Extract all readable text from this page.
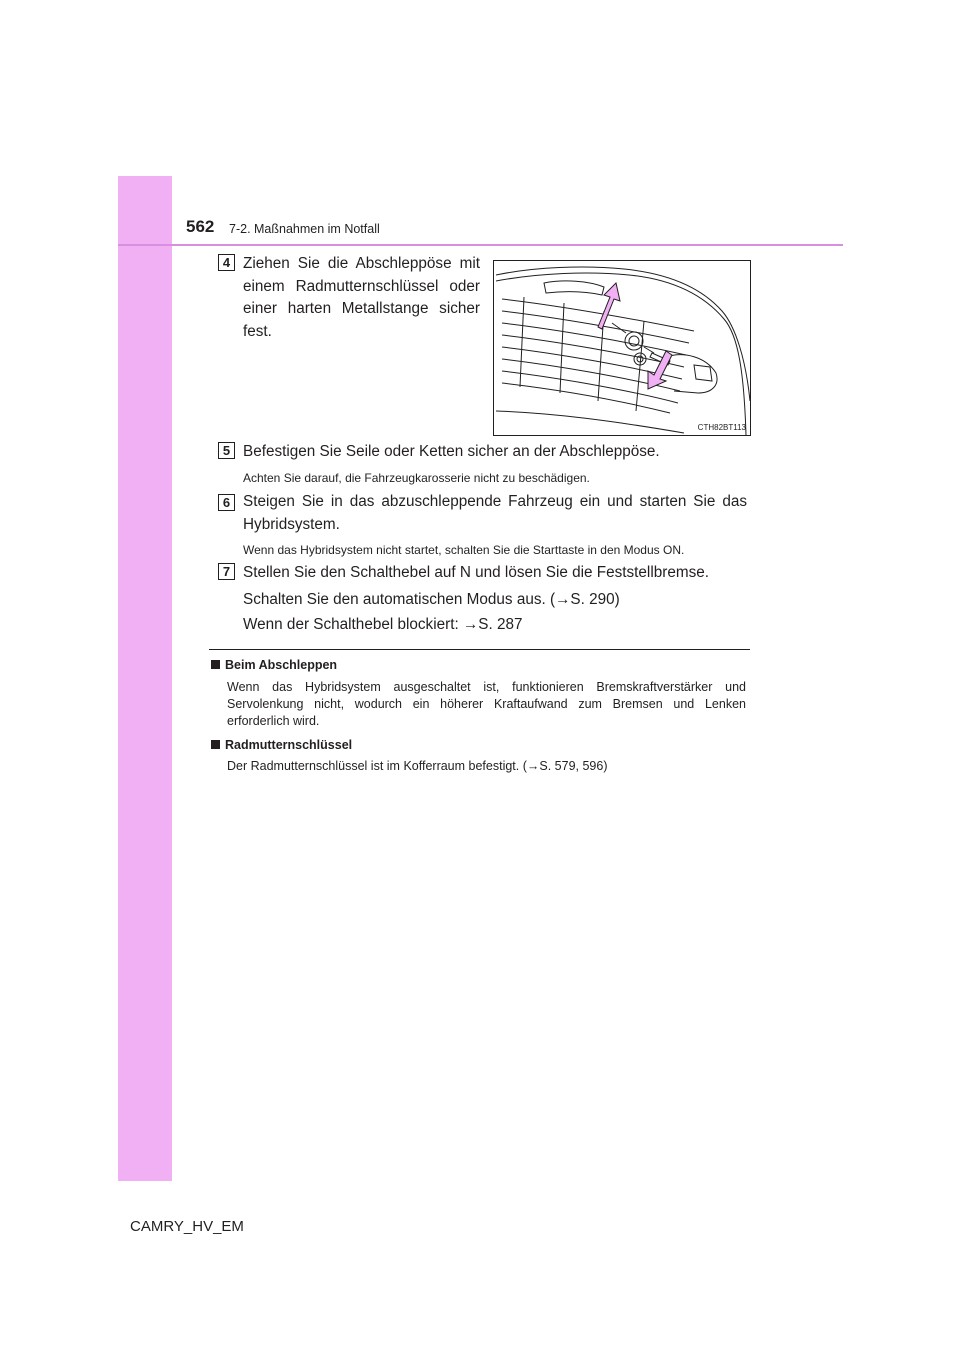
562 7-2. Maßnahmen im Notfall
4 Ziehen Sie die Abschleppöse mit einem Radmutternschlüssel oder einer harten Metallstange sicher fest.
CTH82BT113
5 Befestigen Sie Seile oder Ketten sicher an der Abschleppöse.
Achten Sie darauf, die Fahrzeugkarosserie nicht zu beschädigen.
6 Steigen Sie in das abzuschleppende Fahrzeug ein und starten Sie das Hybridsystem.
Wenn das Hybridsystem nicht startet, schalten Sie die Starttaste in den Modus ON.
7 Stellen Sie den Schalthebel auf N und lösen Sie die Feststellbremse.
Schalten Sie den automatischen Modus aus. (→S. 290)
Wenn der Schalthebel blockiert: →S. 287
Beim Abschleppen
Wenn das Hybridsystem ausgeschaltet ist, funktionieren Bremskraftverstärker und Servolenkung nicht, wodurch ein höherer Kraftaufwand zum Bremsen und Lenken erforderlich wird.
Radmutternschlüssel
Der Radmutternschlüssel ist im Kofferraum befestigt. (→S. 579, 596)
CAMRY_HV_EM
